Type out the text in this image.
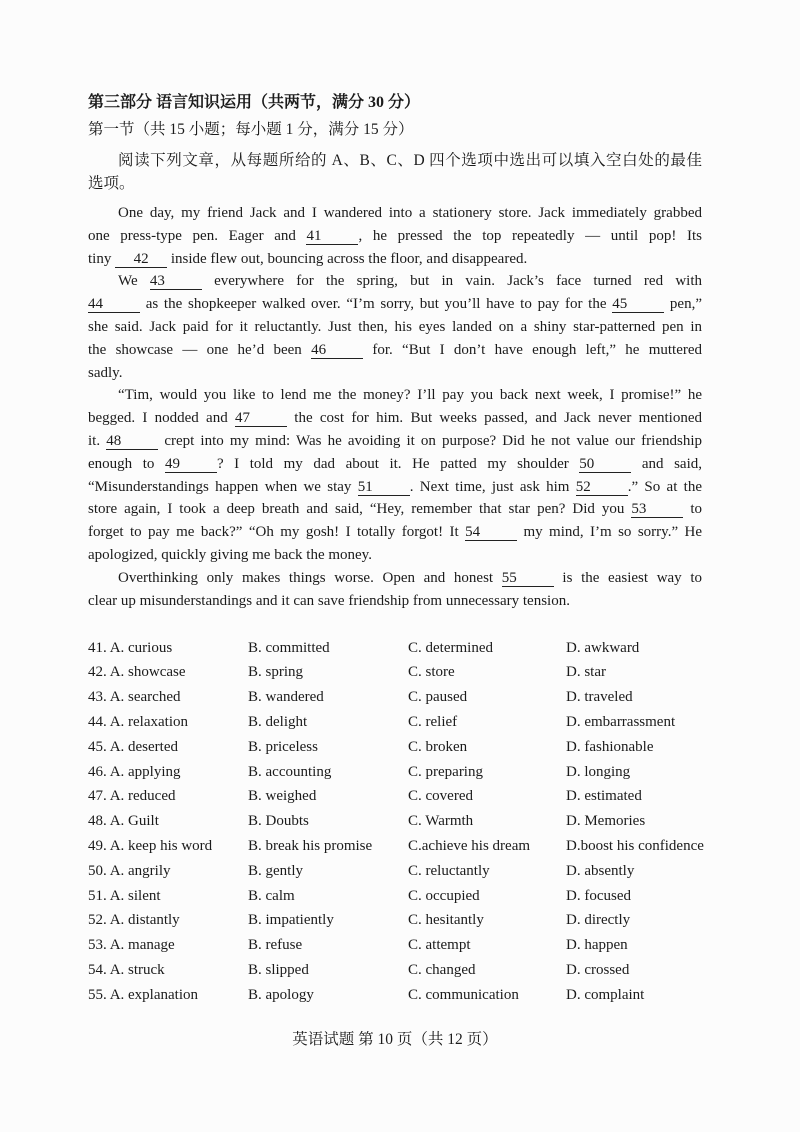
第三部分 语言知识运用（共两节，满分 30 分）
第一节（共 15 小题；每小题 1 分，满分 15 分）
阅读下列文章，从每题所给的 A、B、C、D 四个选项中选出可以填入空白处的最佳
选项。
One day, my friend Jack and I wandered into a stationery store. Jack immediately grabbed
one press-type pen. Eager and 41 , he pressed the top repeatedly — until pop! Its
tiny 42 inside flew out, bouncing across the floor, and disappeared.
We 43 everywhere for the spring, but in vain. Jack’s face turned red with
44 as the shopkeeper walked over. “I’m sorry, but you’ll have to pay for the 45 pen,”
she said. Jack paid for it reluctantly. Just then, his eyes landed on a shiny star-patterned pen in
the showcase — one he’d been 46 for. “But I don’t have enough left,” he muttered
sadly.
“Tim, would you like to lend me the money? I’ll pay you back next week, I promise!” he
begged. I nodded and 47 the cost for him. But weeks passed, and Jack never mentioned
it. 48 crept into my mind: Was he avoiding it on purpose? Did he not value our friendship
enough to 49 ? I told my dad about it. He patted my shoulder 50 and said,
“Misunderstandings happen when we stay 51 . Next time, just ask him 52 .” So at the
store again, I took a deep breath and said, “Hey, remember that star pen? Did you 53 to
forget to pay me back?” “Oh my gosh! I totally forgot! It 54 my mind, I’m so sorry.” He
apologized, quickly giving me back the money.
Overthinking only makes things worse. Open and honest 55 is the easiest way to
clear up misunderstandings and it can save friendship from unnecessary tension.
41. A. curious	B. committed	C. determined	D. awkward
42. A. showcase	B. spring	C. store	D. star
43. A. searched	B. wandered	C. paused	D. traveled
44. A. relaxation	B. delight	C. relief	D. embarrassment
45. A. deserted	B. priceless	C. broken	D. fashionable
46. A. applying	B. accounting	C. preparing	D. longing
47. A. reduced	B. weighed	C. covered	D. estimated
48. A. Guilt	B. Doubts	C. Warmth	D. Memories
49. A. keep his word	B. break his promise	C.achieve his dream	D.boost his confidence
50. A. angrily	B. gently	C. reluctantly	D. absently
51. A. silent	B. calm	C. occupied	D. focused
52. A. distantly	B. impatiently	C. hesitantly	D. directly
53. A. manage	B. refuse	C. attempt	D. happen
54. A. struck	B. slipped	C. changed	D. crossed
55. A. explanation	B. apology	C. communication	D. complaint
英语试题 第 10 页（共 12 页）
